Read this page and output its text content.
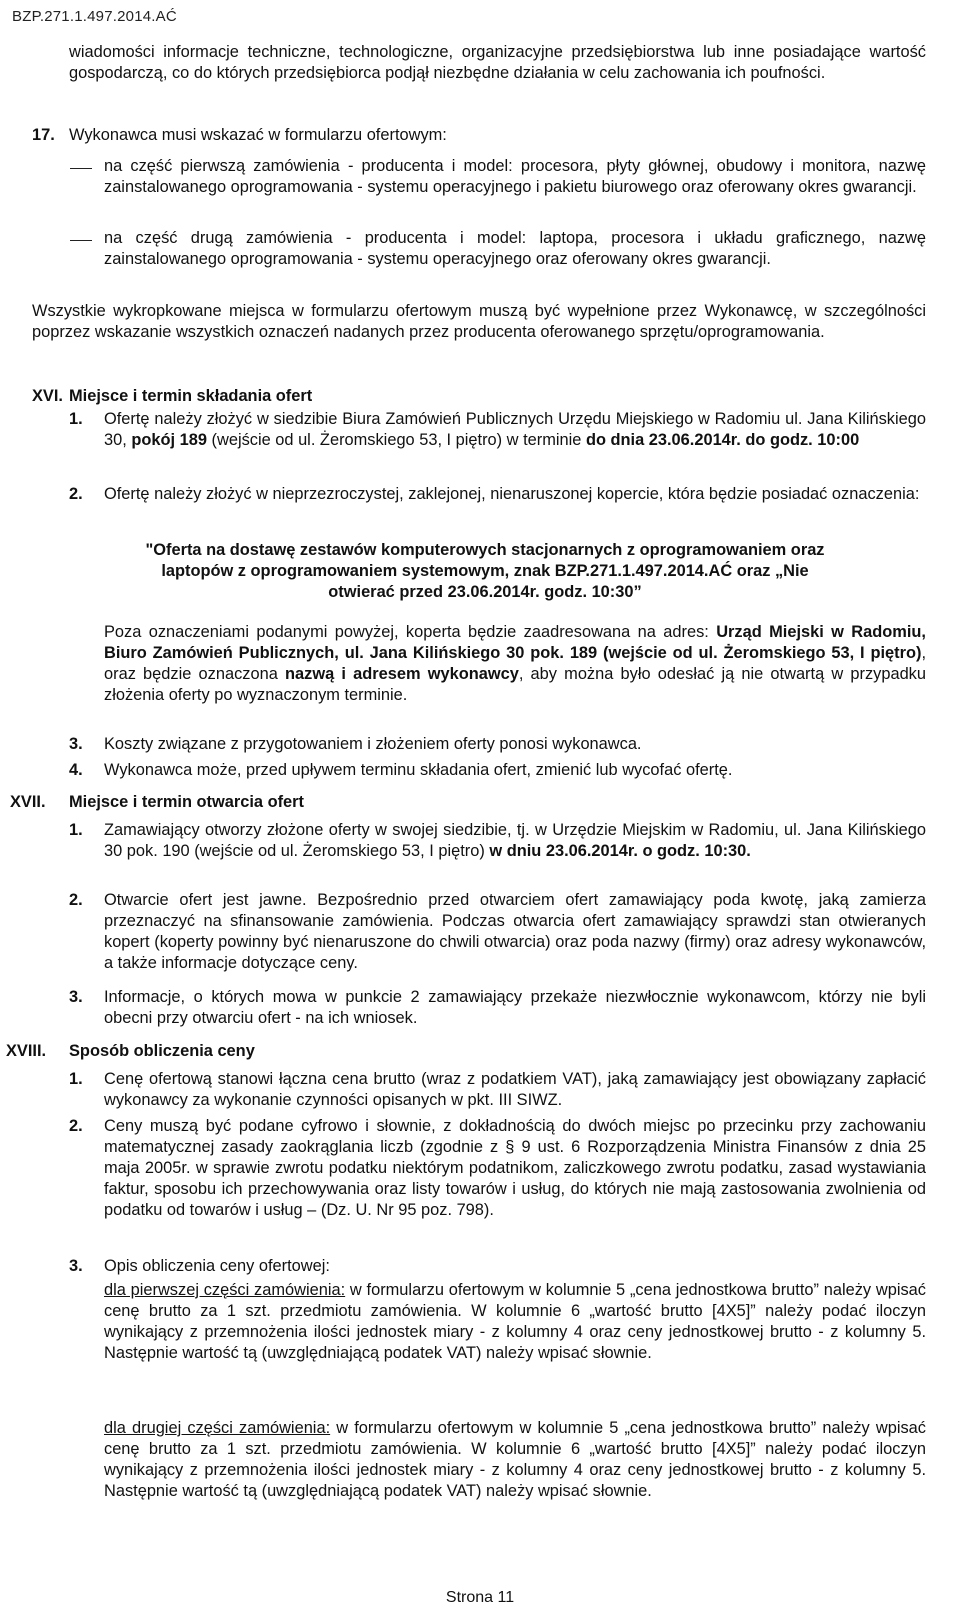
BZP.271.1.497.2014.AĆ
wiadomości informacje techniczne, technologiczne, organizacyjne przedsiębiorstwa lub inne posiadające wartość gospodarczą, co do których przedsiębiorca podjął niezbędne działania w celu zachowania ich poufności.
17. Wykonawca musi wskazać w formularzu ofertowym:
na część pierwszą zamówienia - producenta i model: procesora, płyty głównej, obudowy i monitora, nazwę zainstalowanego oprogramowania - systemu operacyjnego i pakietu biurowego oraz oferowany okres gwarancji.
na część drugą zamówienia - producenta i model: laptopa, procesora i układu graficznego, nazwę zainstalowanego oprogramowania - systemu operacyjnego oraz oferowany okres gwarancji.
Wszystkie wykropkowane miejsca w formularzu ofertowym muszą być wypełnione przez Wykonawcę, w szczególności poprzez wskazanie wszystkich oznaczeń nadanych przez producenta oferowanego sprzętu/oprogramowania.
XVI. Miejsce i termin składania ofert
1. Ofertę należy złożyć w siedzibie Biura Zamówień Publicznych Urzędu Miejskiego w Radomiu ul. Jana Kilińskiego 30, pokój 189 (wejście od ul. Żeromskiego 53, I piętro) w terminie do dnia 23.06.2014r. do godz. 10:00
2. Ofertę należy złożyć w nieprzezroczystej, zaklejonej, nienaruszonej kopercie, która będzie posiadać oznaczenia:
"Oferta na dostawę zestawów komputerowych stacjonarnych z oprogramowaniem oraz
laptopów z oprogramowaniem systemowym, znak BZP.271.1.497.2014.AĆ oraz „Nie
otwierać przed 23.06.2014r. godz. 10:30”
Poza oznaczeniami podanymi powyżej, koperta będzie zaadresowana na adres: Urząd Miejski w Radomiu, Biuro Zamówień Publicznych, ul. Jana Kilińskiego 30 pok. 189 (wejście od ul. Żeromskiego 53, I piętro), oraz będzie oznaczona nazwą i adresem wykonawcy, aby można było odesłać ją nie otwartą w przypadku złożenia oferty po wyznaczonym terminie.
3. Koszty związane z przygotowaniem i złożeniem oferty ponosi wykonawca.
4. Wykonawca może, przed upływem terminu składania ofert, zmienić lub wycofać ofertę.
XVII. Miejsce i termin otwarcia ofert
1. Zamawiający otworzy złożone oferty w swojej siedzibie, tj. w Urzędzie Miejskim w Radomiu, ul. Jana Kilińskiego 30 pok. 190 (wejście od ul. Żeromskiego 53, I piętro) w dniu 23.06.2014r. o godz. 10:30.
2. Otwarcie ofert jest jawne. Bezpośrednio przed otwarciem ofert zamawiający poda kwotę, jaką zamierza przeznaczyć na sfinansowanie zamówienia. Podczas otwarcia ofert zamawiający sprawdzi stan otwieranych kopert (koperty powinny być nienaruszone do chwili otwarcia) oraz poda nazwy (firmy) oraz adresy wykonawców, a także informacje dotyczące ceny.
3. Informacje, o których mowa w punkcie 2 zamawiający przekaże niezwłocznie wykonawcom, którzy nie byli obecni przy otwarciu ofert - na ich wniosek.
XVIII. Sposób obliczenia ceny
1. Cenę ofertową stanowi łączna cena brutto (wraz z podatkiem VAT), jaką zamawiający jest obowiązany zapłacić wykonawcy za wykonanie czynności opisanych w pkt. III SIWZ.
2. Ceny muszą być podane cyfrowo i słownie, z dokładnością do dwóch miejsc po przecinku przy zachowaniu matematycznej zasady zaokrąglania liczb (zgodnie z § 9 ust. 6 Rozporządzenia Ministra Finansów z dnia 25 maja 2005r. w sprawie zwrotu podatku niektórym podatnikom, zaliczkowego zwrotu podatku, zasad wystawiania faktur, sposobu ich przechowywania oraz listy towarów i usług, do których nie mają zastosowania zwolnienia od podatku od towarów i usług – (Dz. U. Nr 95 poz. 798).
3. Opis obliczenia ceny ofertowej:
dla pierwszej części zamówienia: w formularzu ofertowym w kolumnie 5 „cena jednostkowa brutto” należy wpisać cenę brutto za 1 szt. przedmiotu zamówienia. W kolumnie 6 „wartość brutto [4X5]” należy podać iloczyn wynikający z przemnożenia ilości jednostek miary - z kolumny 4 oraz ceny jednostkowej brutto - z kolumny 5. Następnie wartość tą (uwzględniającą podatek VAT) należy wpisać słownie.
dla drugiej części zamówienia: w formularzu ofertowym w kolumnie 5 „cena jednostkowa brutto” należy wpisać cenę brutto za 1 szt. przedmiotu zamówienia. W kolumnie 6 „wartość brutto [4X5]” należy podać iloczyn wynikający z przemnożenia ilości jednostek miary - z kolumny 4 oraz ceny jednostkowej brutto - z kolumny 5. Następnie wartość tą (uwzględniającą podatek VAT) należy wpisać słownie.
Strona 11
